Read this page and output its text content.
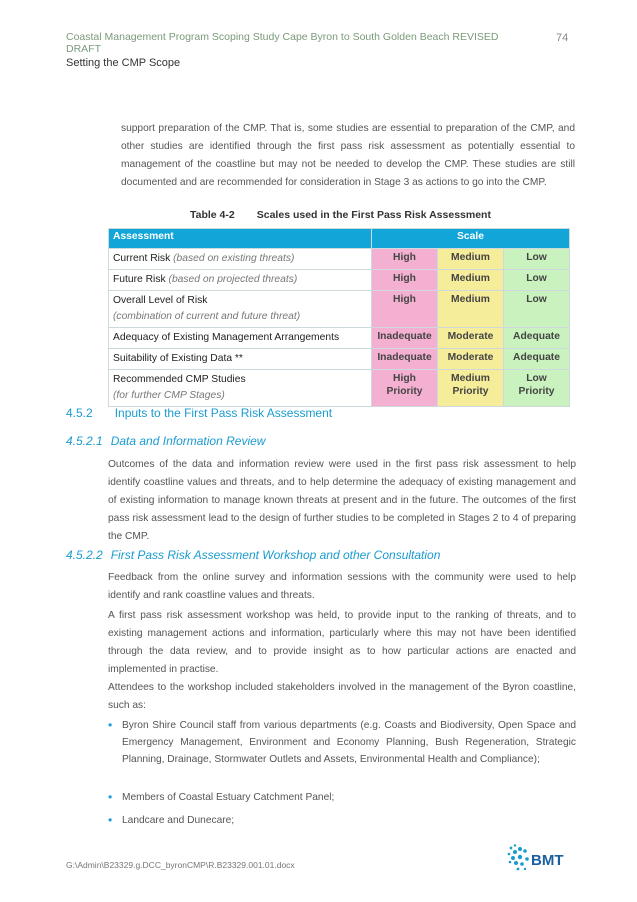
Coastal Management Program Scoping Study Cape Byron to South Golden Beach REVISED DRAFT
74
Setting the CMP Scope
support preparation of the CMP. That is, some studies are essential to preparation of the CMP, and other studies are identified through the first pass risk assessment as potentially essential to management of the coastline but may not be needed to develop the CMP. These studies are still documented and are recommended for consideration in Stage 3 as actions to go into the CMP.
Table 4-2 Scales used in the First Pass Risk Assessment
Assessment	Scale		
Current Risk (based on existing threats)	High	Medium	Low
Future Risk (based on projected threats)	High	Medium	Low
Overall Level of Risk
(combination of current and future threat)	High	Medium	Low
Adequacy of Existing Management Arrangements	Inadequate	Moderate	Adequate
Suitability of Existing Data **	Inadequate	Moderate	Adequate
Recommended CMP Studies
(for further CMP Stages)	High Priority	Medium Priority	Low Priority
4.5.2 Inputs to the First Pass Risk Assessment
4.5.2.1 Data and Information Review
Outcomes of the data and information review were used in the first pass risk assessment to help identify coastline values and threats, and to help determine the adequacy of existing management and of existing information to manage known threats at present and in the future. The outcomes of the first pass risk assessment lead to the design of further studies to be completed in Stages 2 to 4 of preparing the CMP.
4.5.2.2 First Pass Risk Assessment Workshop and other Consultation
Feedback from the online survey and information sessions with the community were used to help identify and rank coastline values and threats.
A first pass risk assessment workshop was held, to provide input to the ranking of threats, and to existing management actions and information, particularly where this may not have been identified through the data review, and to provide insight as to how particular actions are enacted and implemented in practise.
Attendees to the workshop included stakeholders involved in the management of the Byron coastline, such as:
• Byron Shire Council staff from various departments (e.g. Coasts and Biodiversity, Open Space and Emergency Management, Environment and Economy Planning, Bush Regeneration, Strategic Planning, Drainage, Stormwater Outlets and Assets, Environmental Health and Compliance);
• Members of Coastal Estuary Catchment Panel;
• Landcare and Dunecare;
G:\Admin\B23329.g.DCC_byronCMP\R.B23329.001.01.docx	BMT
